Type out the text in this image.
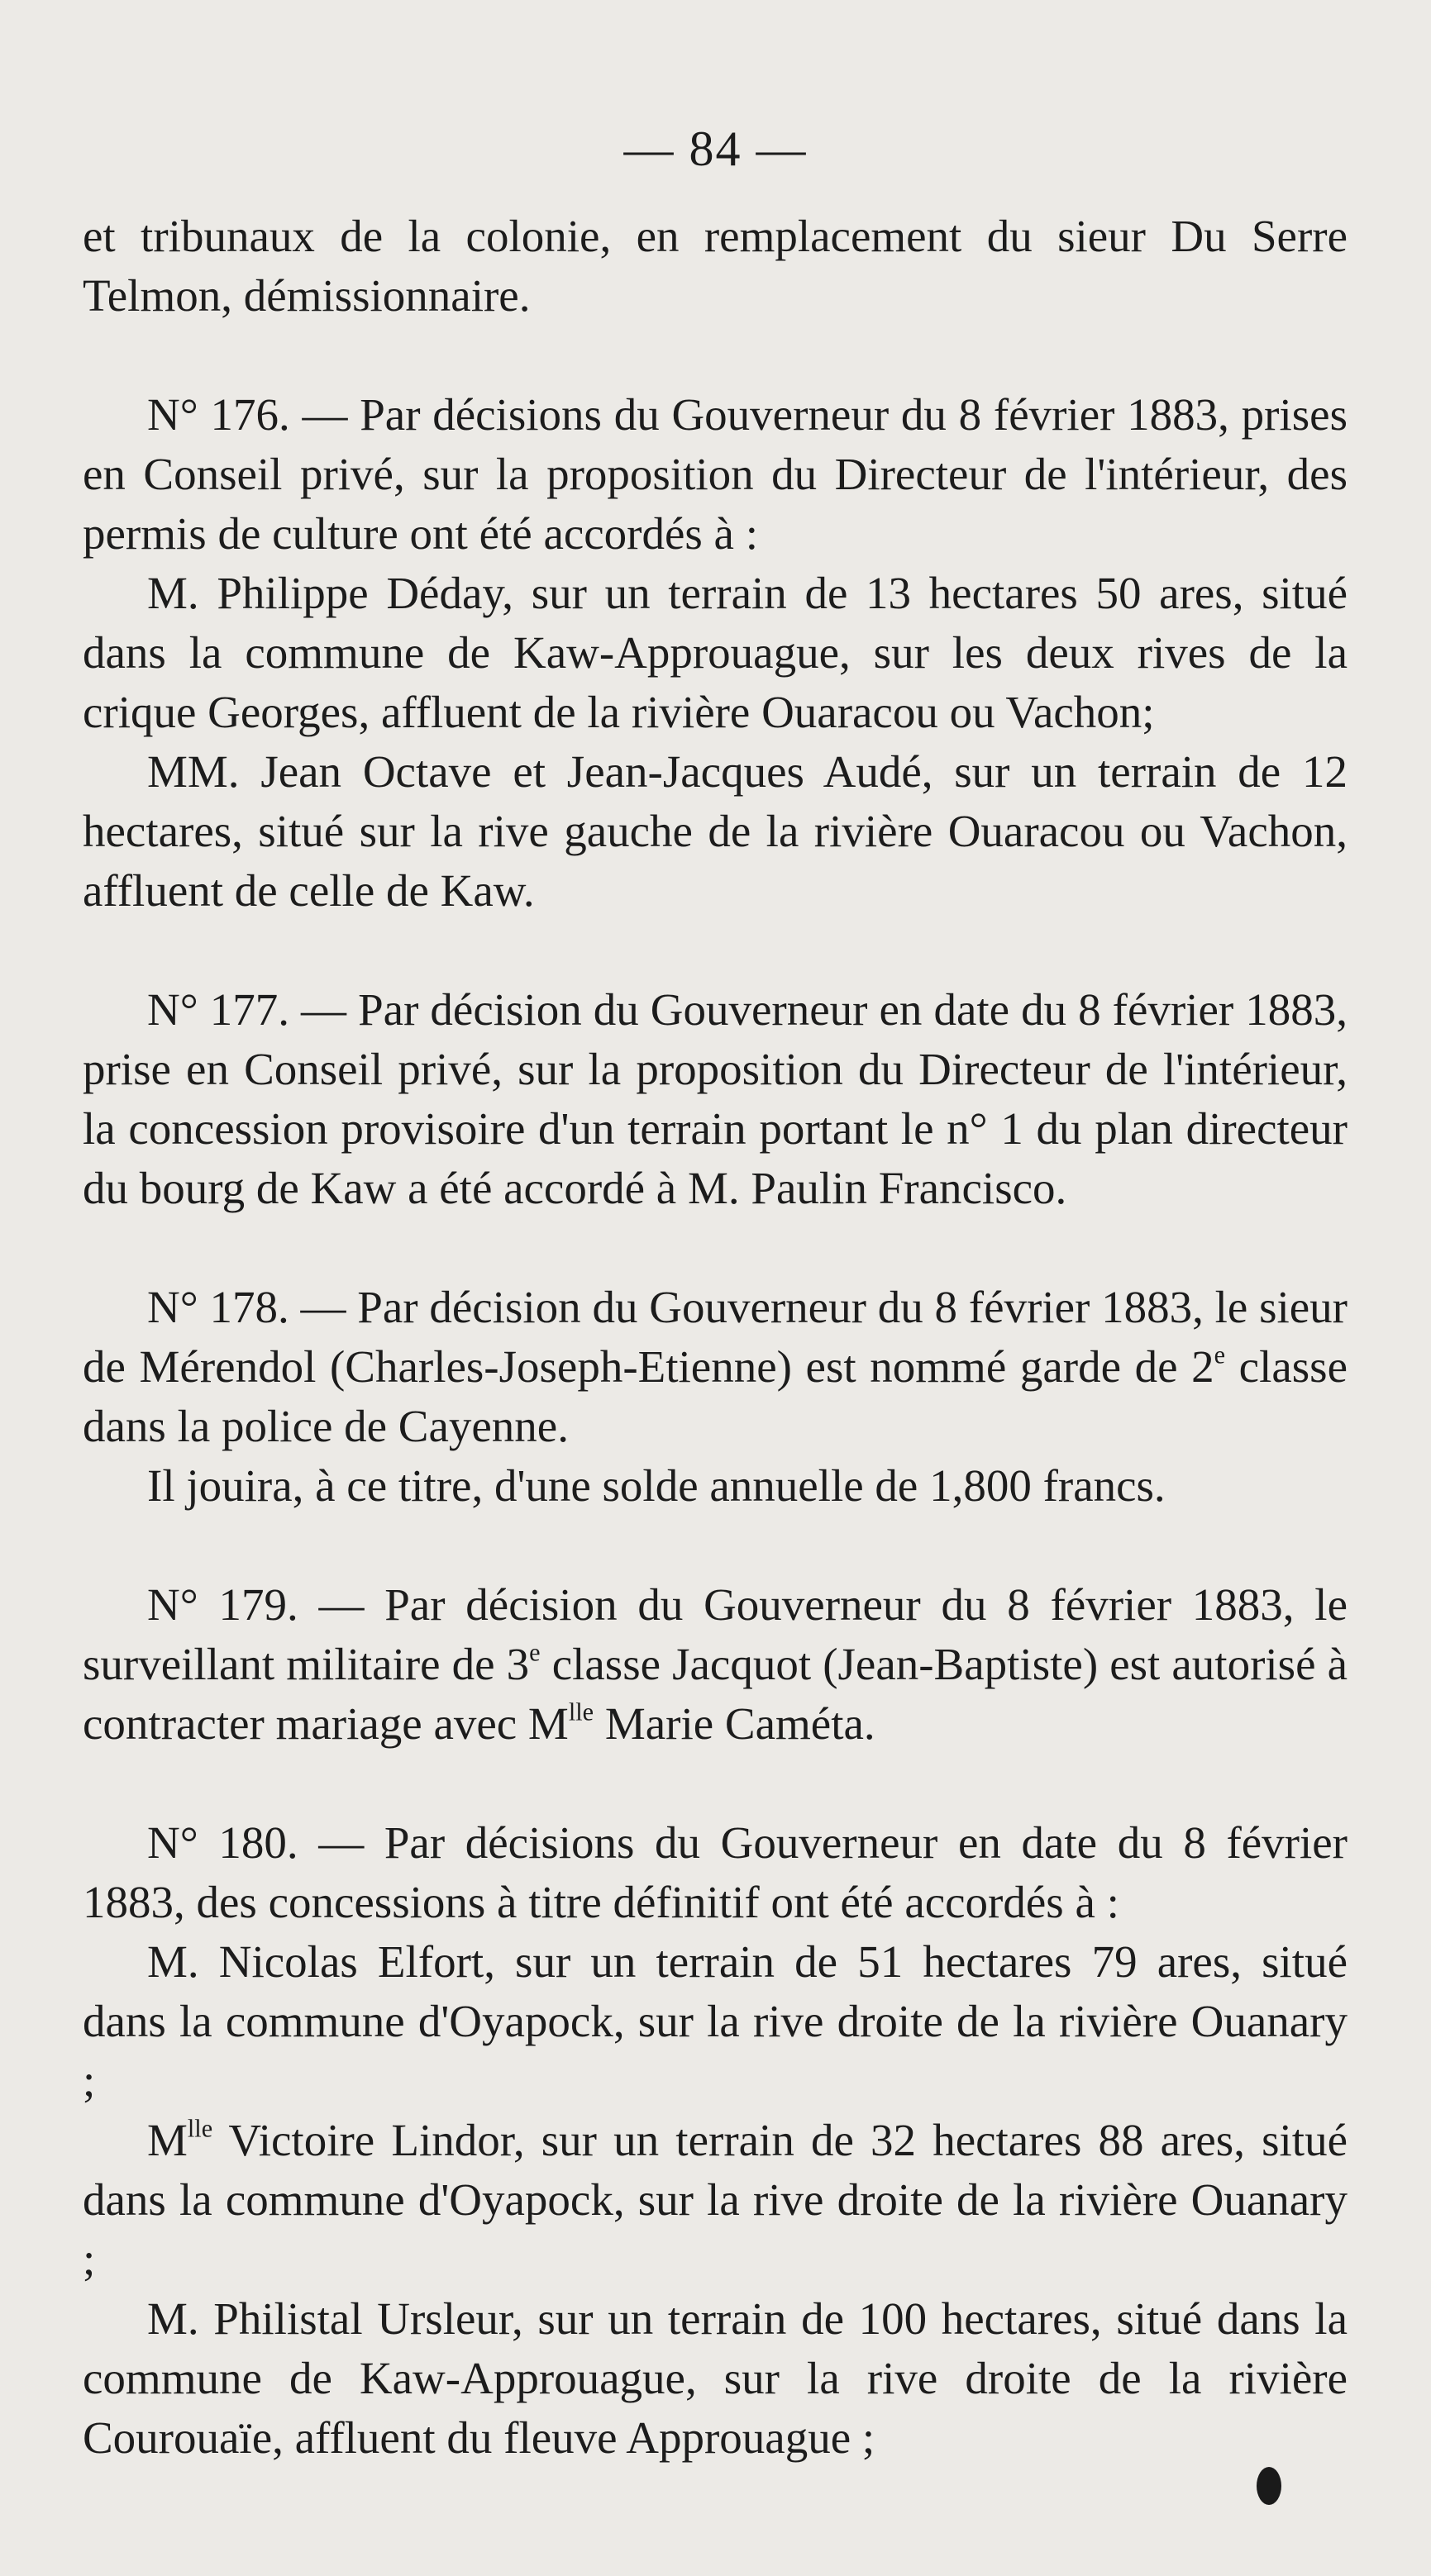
— 84 —

et tribunaux de la colonie, en remplacement du sieur Du Serre Telmon, démissionnaire.

N° 176. — Par décisions du Gouverneur du 8 février 1883, prises en Conseil privé, sur la proposition du Directeur de l'intérieur, des permis de culture ont été accordés à :

M. Philippe Déday, sur un terrain de 13 hectares 50 ares, situé dans la commune de Kaw-Approuague, sur les deux rives de la crique Georges, affluent de la rivière Ouaracou ou Vachon;

MM. Jean Octave et Jean-Jacques Audé, sur un terrain de 12 hectares, situé sur la rive gauche de la rivière Ouaracou ou Vachon, affluent de celle de Kaw.

N° 177. — Par décision du Gouverneur en date du 8 février 1883, prise en Conseil privé, sur la proposition du Directeur de l'intérieur, la concession provisoire d'un terrain portant le n° 1 du plan directeur du bourg de Kaw a été accordé à M. Paulin Francisco.

N° 178. — Par décision du Gouverneur du 8 février 1883, le sieur de Mérendol (Charles-Joseph-Etienne) est nommé garde de 2e classe dans la police de Cayenne.

Il jouira, à ce titre, d'une solde annuelle de 1,800 francs.

N° 179. — Par décision du Gouverneur du 8 février 1883, le surveillant militaire de 3e classe Jacquot (Jean-Baptiste) est autorisé à contracter mariage avec $M^{lle}$ Marie Caméta.

N° 180. — Par décisions du Gouverneur en date du 8 février 1883, des concessions à titre définitif ont été accordés à :

M. Nicolas Elfort, sur un terrain de 51 hectares 79 ares, situé dans la commune d'Oyapock, sur la rive droite de la rivière Ouanary ;

$M^{lle}$ Victoire Lindor, sur un terrain de 32 hectares 88 ares, situé dans la commune d'Oyapock, sur la rive droite de la rivière Ouanary ;

M. Philistal Ursleur, sur un terrain de 100 hectares, situé dans la commune de Kaw-Approuague, sur la rive droite de la rivière Courouaïe, affluent du fleuve Approuague ;
